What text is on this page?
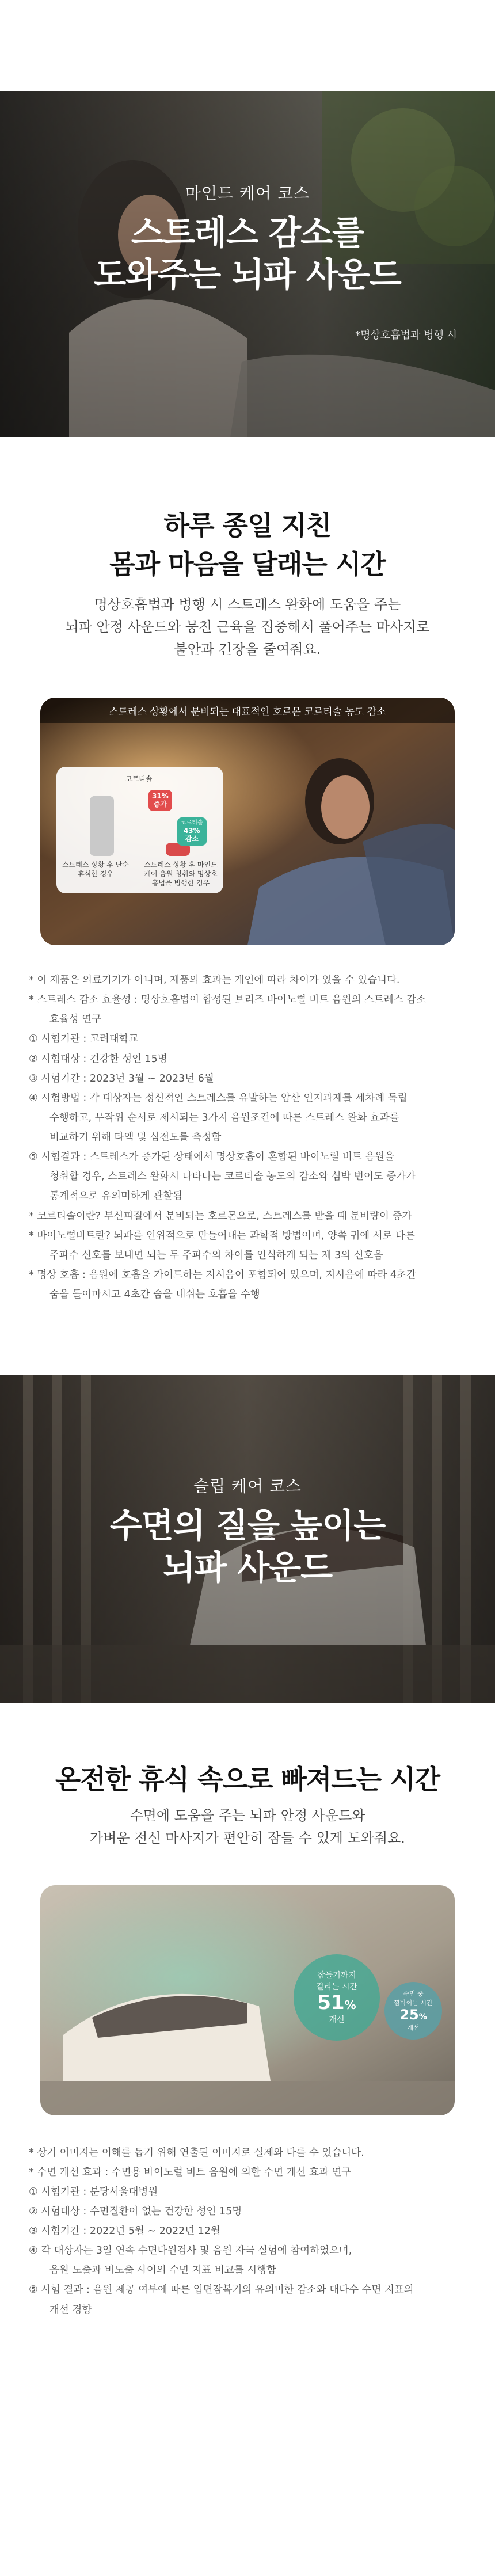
마인드 케어 코스
스트레스 감소를
도와주는 뇌파 사운드
*명상호흡법과 병행 시
하루 종일 지친
몸과 마음을 달래는 시간
명상호흡법과 병행 시 스트레스 완화에 도움을 주는
뇌파 안정 사운드와 뭉친 근육을 집중해서 풀어주는 마사지로
불안과 긴장을 줄여줘요.
스트레스 상황에서 분비되는 대표적인 호르몬 코르티솔 농도 감소
31%
증가
코르티솔
43%
감소
코르티솔
스트레스 상황 후 단순 휴식한 경우
스트레스 상황 후 마인드 케어 음원 청취와 명상호흡법을 병행한 경우

* 이 제품은 의료기기가 아니며, 제품의 효과는 개인에 따라 차이가 있을 수 있습니다.

* 스트레스 감소 효율성 : 명상호흡법이 합성된 브리즈 바이노럴 비트 음원의 스트레스 감소

효율성 연구

① 시험기관 : 고려대학교

② 시험대상 : 건강한 성인 15명

③ 시험기간 : 2023년 3월 ~ 2023년 6월

④ 시험방법 : 각 대상자는 정신적인 스트레스를 유발하는 암산 인지과제를 세차례 독립

수행하고, 무작위 순서로 제시되는 3가지 음원조건에 따른 스트레스 완화 효과를

비교하기 위해 타액 및 심전도를 측정함

⑤ 시험결과 : 스트레스가 증가된 상태에서 명상호흡이 혼합된 바이노럴 비트 음원을

청취할 경우, 스트레스 완화시 나타나는 코르티솔 농도의 감소와 심박 변이도 증가가

통계적으로 유의미하게 관찰됨

* 코르티솔이란? 부신피질에서 분비되는 호르몬으로, 스트레스를 받을 때 분비량이 증가

* 바이노럴비트란? 뇌파를 인위적으로 만들어내는 과학적 방법이며, 양쪽 귀에 서로 다른

주파수 신호를 보내면 뇌는 두 주파수의 차이를 인식하게 되는 제 3의 신호음

* 명상 호흡 : 음원에 호흡을 가이드하는 지시음이 포함되어 있으며, 지시음에 따라 4초간

숨을 들이마시고 4초간 숨을 내쉬는 호흡을 수행

슬립 케어 코스
수면의 질을 높이는
뇌파 사운드
온전한 휴식 속으로 빠져드는 시간
수면에 도움을 주는 뇌파 안정 사운드와
가벼운 전신 마사지가 편안히 잠들 수 있게 도와줘요.
잠들기까지
걸리는 시간
51%
개선
수면 중
깜박이는 시간
25%
개선

* 상기 이미지는 이해를 돕기 위해 연출된 이미지로 실제와 다를 수 있습니다.

* 수면 개선 효과 : 수면용 바이노럴 비트 음원에 의한 수면 개선 효과 연구

① 시험기관 : 분당서울대병원

② 시험대상 : 수면질환이 없는 건강한 성인 15명

③ 시험기간 : 2022년 5월 ~ 2022년 12월

④ 각 대상자는 3일 연속 수면다원검사 및 음원 자극 실험에 참여하였으며,

음원 노출과 비노출 사이의 수면 지표 비교를 시행함

⑤ 시험 결과 : 음원 제공 여부에 따른 입면잠복기의 유의미한 감소와 대다수 수면 지표의

개선 경향
